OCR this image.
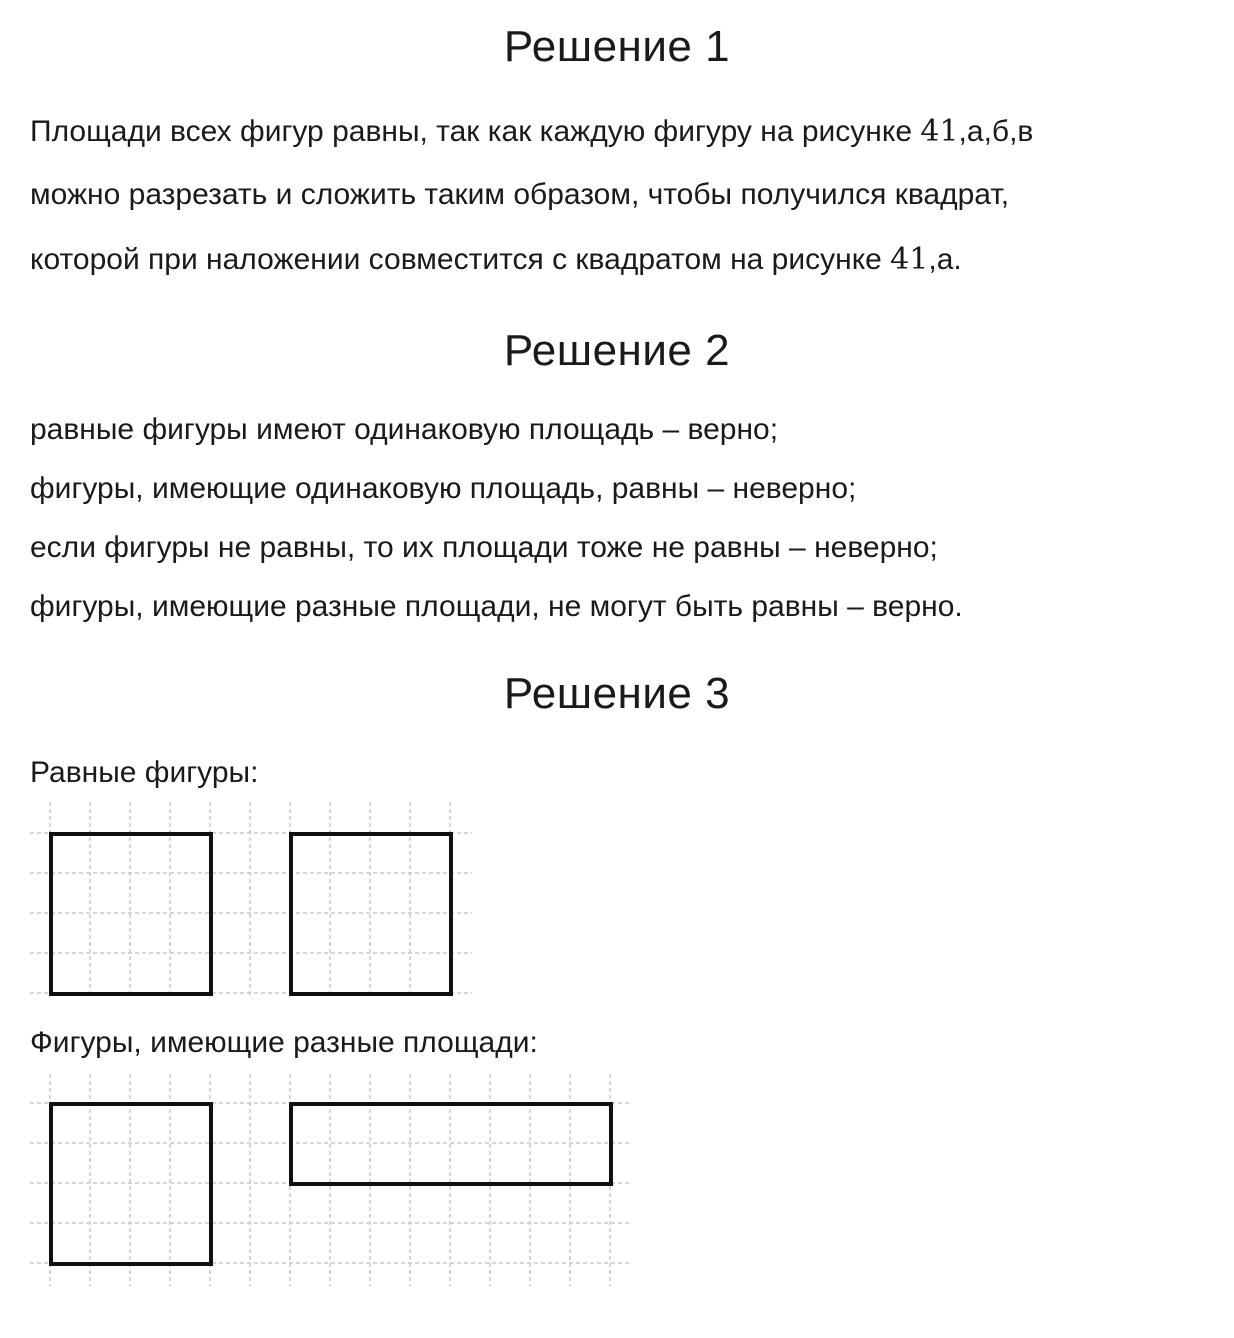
Решение 1

Площади всех фигур равны, так как каждую фигуру на рисунке 41,а,б,в

можно разрезать и сложить таким образом, чтобы получился квадрат,

которой при наложении совместится с квадратом на рисунке 41,а.

Решение 2

равные фигуры имеют одинаковую площадь – верно;

фигуры, имеющие одинаковую площадь, равны – неверно;

если фигуры не равны, то их площади тоже не равны – неверно;

фигуры, имеющие разные площади, не могут быть равны – верно.

Решение 3

Равные фигуры:

Фигуры, имеющие разные площади:
